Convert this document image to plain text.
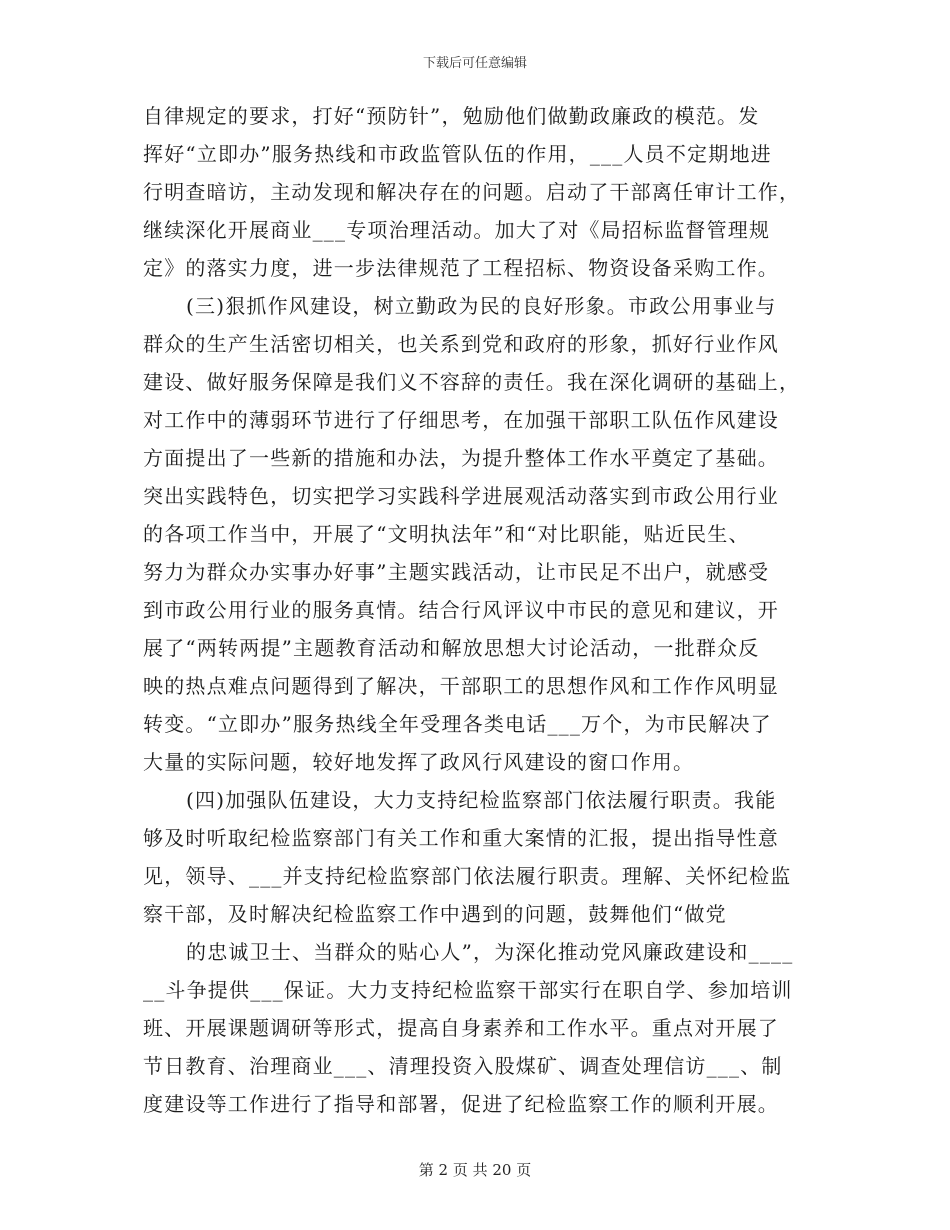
下载后可任意编辑
自律规定的要求，打好“预防针”，勉励他们做勤政廉政的模范。发
挥好“立即办”服务热线和市政监管队伍的作用，___人员不定期地进
行明查暗访，主动发现和解决存在的问题。启动了干部离任审计工作，
继续深化开展商业___专项治理活动。加大了对《局招标监督管理规
定》的落实力度，进一步法律规范了工程招标、物资设备采购工作。
(三)狠抓作风建设，树立勤政为民的良好形象。市政公用事业与
群众的生产生活密切相关，也关系到党和政府的形象，抓好行业作风
建设、做好服务保障是我们义不容辞的责任。我在深化调研的基础上，
对工作中的薄弱环节进行了仔细思考，在加强干部职工队伍作风建设
方面提出了一些新的措施和办法，为提升整体工作水平奠定了基础。
突出实践特色，切实把学习实践科学进展观活动落实到市政公用行业
的各项工作当中，开展了“文明执法年”和“对比职能，贴近民生、
努力为群众办实事办好事”主题实践活动，让市民足不出户，就感受
到市政公用行业的服务真情。结合行风评议中市民的意见和建议，开
展了“两转两提”主题教育活动和解放思想大讨论活动，一批群众反
映的热点难点问题得到了解决，干部职工的思想作风和工作作风明显
转变。“立即办”服务热线全年受理各类电话___万个，为市民解决了
大量的实际问题，较好地发挥了政风行风建设的窗口作用。
(四)加强队伍建设，大力支持纪检监察部门依法履行职责。我能
够及时听取纪检监察部门有关工作和重大案情的汇报，提出指导性意
见，领导、___并支持纪检监察部门依法履行职责。理解、关怀纪检监
察干部，及时解决纪检监察工作中遇到的问题，鼓舞他们“做党
的忠诚卫士、当群众的贴心人”，为深化推动党风廉政建设和____
__斗争提供___保证。大力支持纪检监察干部实行在职自学、参加培训
班、开展课题调研等形式，提高自身素养和工作水平。重点对开展了
节日教育、治理商业___、清理投资入股煤矿、调查处理信访___、制
度建设等工作进行了指导和部署，促进了纪检监察工作的顺利开展。
第 2 页 共 20 页
